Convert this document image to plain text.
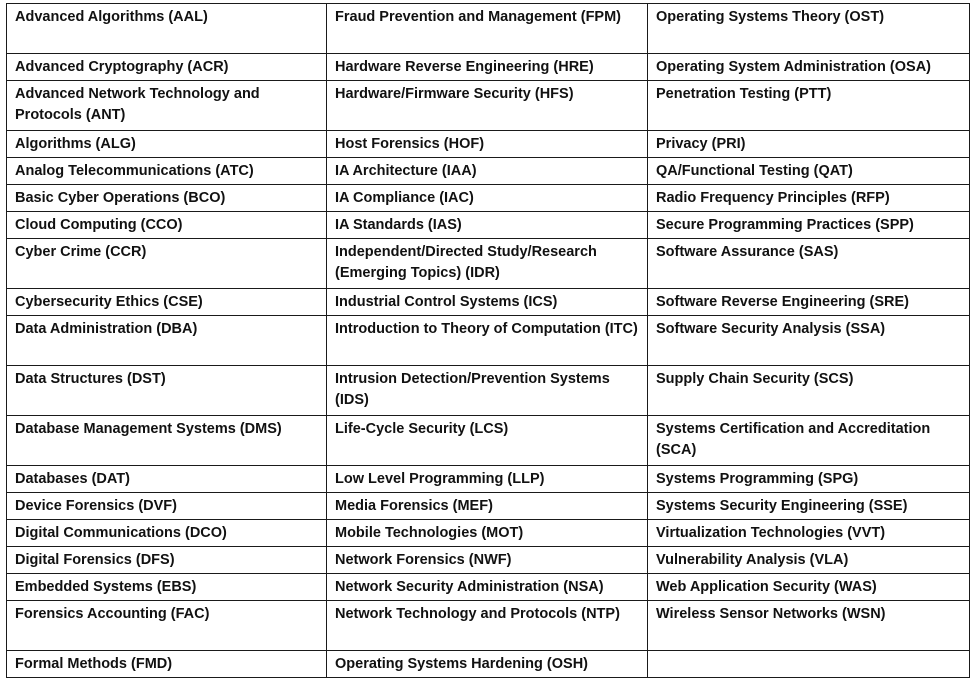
Advanced Algorithms (AAL)	Fraud Prevention and Management (FPM)	Operating Systems Theory (OST)
Advanced Cryptography (ACR)	Hardware Reverse Engineering (HRE)	Operating System Administration (OSA)
Advanced Network Technology and Protocols (ANT)	Hardware/Firmware Security (HFS)	Penetration Testing (PTT)
Algorithms (ALG)	Host Forensics (HOF)	Privacy (PRI)
Analog Telecommunications (ATC)	IA Architecture (IAA)	QA/Functional Testing (QAT)
Basic Cyber Operations (BCO)	IA Compliance (IAC)	Radio Frequency Principles (RFP)
Cloud Computing (CCO)	IA Standards (IAS)	Secure Programming Practices (SPP)
Cyber Crime (CCR)	Independent/Directed Study/Research (Emerging Topics) (IDR)	Software Assurance (SAS)
Cybersecurity Ethics (CSE)	Industrial Control Systems (ICS)	Software Reverse Engineering (SRE)
Data Administration (DBA)	Introduction to Theory of Computation (ITC)	Software Security Analysis (SSA)
Data Structures (DST)	Intrusion Detection/Prevention Systems (IDS)	Supply Chain Security (SCS)
Database Management Systems (DMS)	Life-Cycle Security (LCS)	Systems Certification and Accreditation (SCA)
Databases (DAT)	Low Level Programming (LLP)	Systems Programming (SPG)
Device Forensics (DVF)	Media Forensics (MEF)	Systems Security Engineering (SSE)
Digital Communications (DCO)	Mobile Technologies (MOT)	Virtualization Technologies (VVT)
Digital Forensics (DFS)	Network Forensics (NWF)	Vulnerability Analysis (VLA)
Embedded Systems (EBS)	Network Security Administration (NSA)	Web Application Security (WAS)
Forensics Accounting (FAC)	Network Technology and Protocols (NTP)	Wireless Sensor Networks (WSN)
Formal Methods (FMD)	Operating Systems Hardening (OSH)	
